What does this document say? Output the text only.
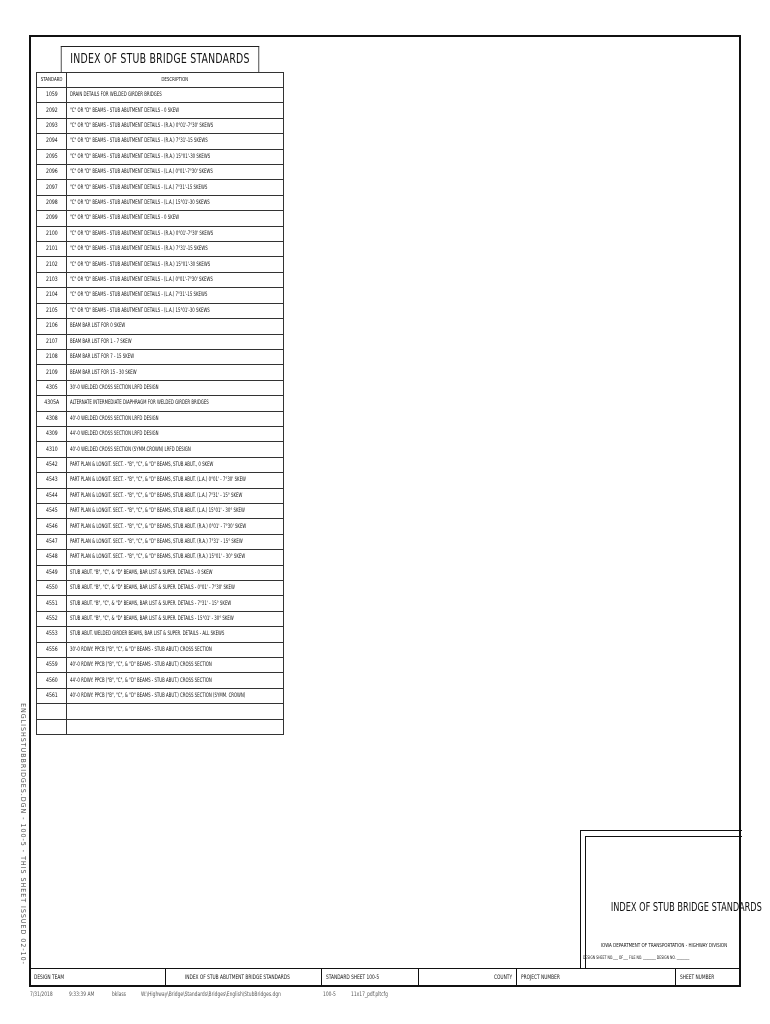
ENGLISHSTUBBRIDGES.DGN - 100-5 - THIS SHEET ISSUED 02-10-
INDEX OF STUB BRIDGE STANDARDS
STANDARD	DESCRIPTION
1059	DRAIN DETAILS FOR WELDED GIRDER BRIDGES
2092	"C" OR "D" BEAMS - STUB ABUTMENT DETAILS - 0 SKEW
2093	"C" OR "D" BEAMS - STUB ABUTMENT DETAILS - (R.A.) 0°01'-7°30' SKEWS
2094	"C" OR "D" BEAMS - STUB ABUTMENT DETAILS - (R.A.) 7°31'-15 SKEWS
2095	"C" OR "D" BEAMS - STUB ABUTMENT DETAILS - (R.A.) 15°01'-30 SKEWS
2096	"C" OR "D" BEAMS - STUB ABUTMENT DETAILS - (L.A.) 0°01'-7°30' SKEWS
2097	"C" OR "D" BEAMS - STUB ABUTMENT DETAILS - (L.A.) 7°31'-15 SKEWS
2098	"C" OR "D" BEAMS - STUB ABUTMENT DETAILS - (L.A.) 15°01'-30 SKEWS
2099	"C" OR "D" BEAMS - STUB ABUTMENT DETAILS - 0 SKEW
2100	"C" OR "D" BEAMS - STUB ABUTMENT DETAILS - (R.A.) 0°01'-7°30' SKEWS
2101	"C" OR "D" BEAMS - STUB ABUTMENT DETAILS - (R.A.) 7°31'-15 SKEWS
2102	"C" OR "D" BEAMS - STUB ABUTMENT DETAILS - (R.A.) 15°01'-30 SKEWS
2103	"C" OR "D" BEAMS - STUB ABUTMENT DETAILS - (L.A.) 0°01'-7°30' SKEWS
2104	"C" OR "D" BEAMS - STUB ABUTMENT DETAILS - (L.A.) 7°31'-15 SKEWS
2105	"C" OR "D" BEAMS - STUB ABUTMENT DETAILS - (L.A.) 15°01'-30 SKEWS
2106	BEAM BAR LIST FOR 0 SKEW
2107	BEAM BAR LIST FOR 1 - 7 SKEW
2108	BEAM BAR LIST FOR 7 - 15 SKEW
2109	BEAM BAR LIST FOR 15 - 30 SKEW
4305	30'-0 WELDED CROSS SECTION LRFD DESIGN
4305A	ALTERNATE INTERMEDIATE DIAPHRAGM FOR WELDED GIRDER BRIDGES
4308	40'-0 WELDED CROSS SECTION LRFD DESIGN
4309	44'-0 WELDED CROSS SECTION LRFD DESIGN
4310	40'-0 WELDED CROSS SECTION (SYMM.CROWN) LRFD DESIGN
4542	PART PLAN & LONGIT. SECT. - "B", "C", & "D" BEAMS, STUB ABUT., 0 SKEW
4543	PART PLAN & LONGIT. SECT. - "B", "C", & "D" BEAMS, STUB ABUT. (L.A.) 0°01' - 7°30' SKEW
4544	PART PLAN & LONGIT. SECT. - "B", "C", & "D" BEAMS, STUB ABUT. (L.A.) 7°31' - 15° SKEW
4545	PART PLAN & LONGIT. SECT. - "B", "C", & "D" BEAMS, STUB ABUT. (L.A.) 15°01' - 30° SKEW
4546	PART PLAN & LONGIT. SECT. - "B", "C", & "D" BEAMS, STUB ABUT. (R.A.) 0°01' - 7°30' SKEW
4547	PART PLAN & LONGIT. SECT. - "B", "C", & "D" BEAMS, STUB ABUT. (R.A.) 7°31' - 15° SKEW
4548	PART PLAN & LONGIT. SECT. - "B", "C", & "D" BEAMS, STUB ABUT. (R.A.) 15°01' - 30° SKEW
4549	STUB ABUT. "B", "C", & "D" BEAMS, BAR LIST & SUPER. DETAILS - 0 SKEW
4550	STUB ABUT. "B", "C", & "D" BEAMS, BAR LIST & SUPER. DETAILS - 0°01' - 7°30' SKEW
4551	STUB ABUT. "B", "C", & "D" BEAMS, BAR LIST & SUPER. DETAILS - 7°31' - 15° SKEW
4552	STUB ABUT. "B", "C", & "D" BEAMS, BAR LIST & SUPER. DETAILS - 15°01' - 30° SKEW
4553	STUB ABUT. WELDED GIRDER BEAMS, BAR LIST & SUPER. DETAILS - ALL SKEWS
4556	30'-0 RDWY. PPCB ("B", "C", & "D" BEAMS - STUB ABUT.) CROSS SECTION
4559	40'-0 RDWY. PPCB ("B", "C", & "D" BEAMS - STUB ABUT.) CROSS SECTION
4560	44'-0 RDWY. PPCB ("B", "C", & "D" BEAMS - STUB ABUT.) CROSS SECTION
4561	40'-0 RDWY. PPCB ("B", "C", & "D" BEAMS - STUB ABUT.) CROSS SECTION (SYMM. CROWN)

INDEX OF STUB BRIDGE STANDARDS
IOWA DEPARTMENT OF TRANSPORTATION - HIGHWAY DIVISION
DESIGN SHEET NO.___ OF___ FILE NO. ________ DESIGN NO. ________
DESIGN TEAM	INDEX OF STUB ABUTMENT BRIDGE STANDARDS	STANDARD SHEET 100-5	COUNTY	PROJECT NUMBER	SHEET NUMBER
7/31/2018	9:33:39 AM	bklass W:\Highway\Bridge\Standards\Bridges\English\StubBridges.dgn	100-5 11x17_pdf.pltcfg
